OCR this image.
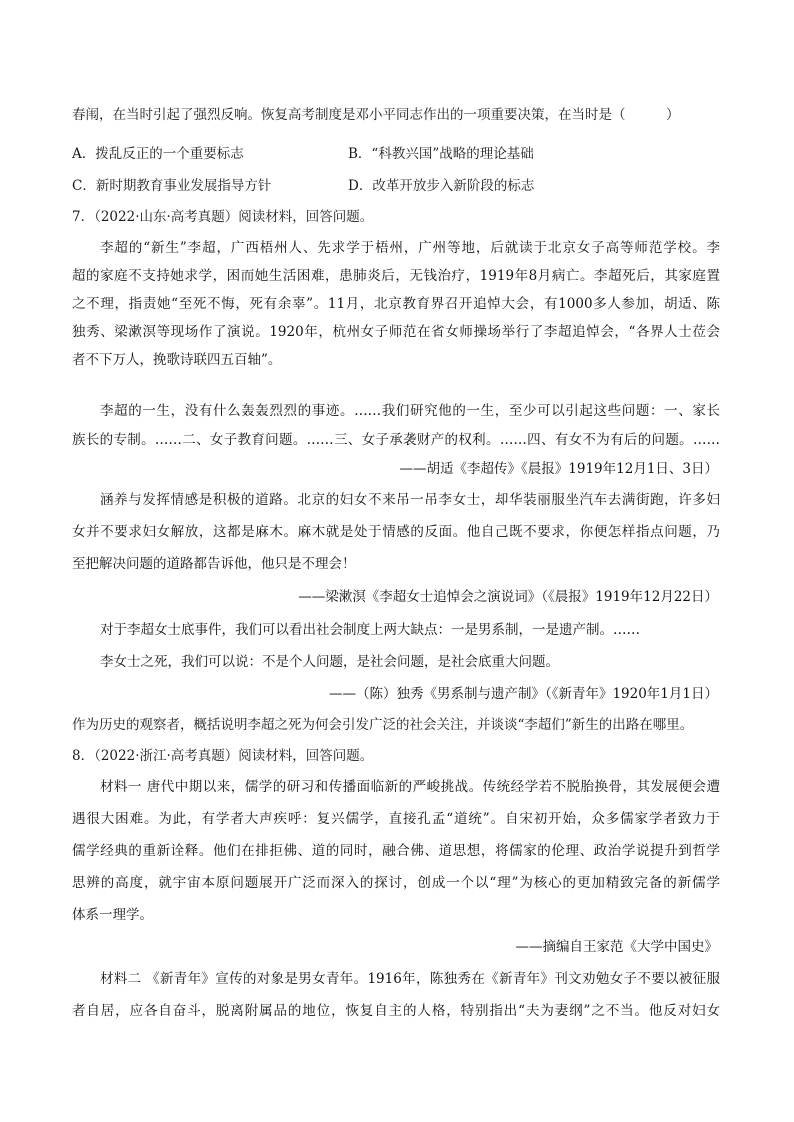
春闱，在当时引起了强烈反响。恢复高考制度是邓小平同志作出的一项重要决策，在当时是（　　　）
A．拨乱反正的一个重要标志	B．“科教兴国”战略的理论基础
C．新时期教育事业发展指导方针	D．改革开放步入新阶段的标志
7．（2022·山东·高考真题）阅读材料，回答问题。
李超的“新生”李超，广西梧州人、先求学于梧州，广州等地，后就读于北京女子高等师范学校。李
超的家庭不支持她求学，困而她生活困难，患肺炎后，无钱治疗，1919年8月病亡。李超死后，其家庭置
之不理，指责她“至死不悔，死有余辜”。11月，北京教育界召开追悼大会，有1000多人参加，胡适、陈
独秀、梁漱溟等现场作了演说。1920年，杭州女子师范在省女师操场举行了李超追悼会，“各界人士莅会
者不下万人，挽歌诗联四五百轴”。
李超的一生，没有什么轰轰烈烈的事迹。……我们研究他的一生，至少可以引起这些问题：一、家长
族长的专制。……二、女子教育问题。……三、女子承袭财产的权利。……四、有女不为有后的问题。……
——胡适《李超传》《晨报》1919年12月1日、3日）
涵养与发挥情感是积极的道路。北京的妇女不来吊一吊李女士，却华装丽服坐汽车去满街跑，许多妇
女并不要求妇女解放，这都是麻木。麻木就是处于情感的反面。他自己既不要求，你便怎样指点问题，乃
至把解决问题的道路都告诉他，他只是不理会！
——梁漱溟《李超女士追悼会之演说词》（《晨报》1919年12月22日）
对于李超女士底事件，我们可以看出社会制度上两大缺点：一是男系制，一是遗产制。……
李女士之死，我们可以说：不是个人问题，是社会问题，是社会底重大问题。
——（陈）独秀《男系制与遗产制》（《新青年》1920年1月1日）
作为历史的观察者，概括说明李超之死为何会引发广泛的社会关注，并谈谈“李超们”新生的出路在哪里。
8．（2022·浙江·高考真题）阅读材料，回答问题。
材料一 唐代中期以来，儒学的研习和传播面临新的严峻挑战。传统经学若不脱胎换骨，其发展便会遭
遇很大困难。为此，有学者大声疾呼：复兴儒学，直接孔孟“道统”。自宋初开始，众多儒家学者致力于
儒学经典的重新诠释。他们在排拒佛、道的同时，融合佛、道思想，将儒家的伦理、政治学说提升到哲学
思辨的高度，就宇宙本原问题展开广泛而深入的探讨，创成一个以“理”为核心的更加精致完备的新儒学
体系一理学。
——摘编自王家范《大学中国史》
材料二 《新青年》宣传的对象是男女青年。1916年，陈独秀在《新青年》刊文劝勉女子不要以被征服
者自居，应各自奋斗，脱离附属品的地位，恢复自主的人格，特别指出“夫为妻纲”之不当。他反对妇女
